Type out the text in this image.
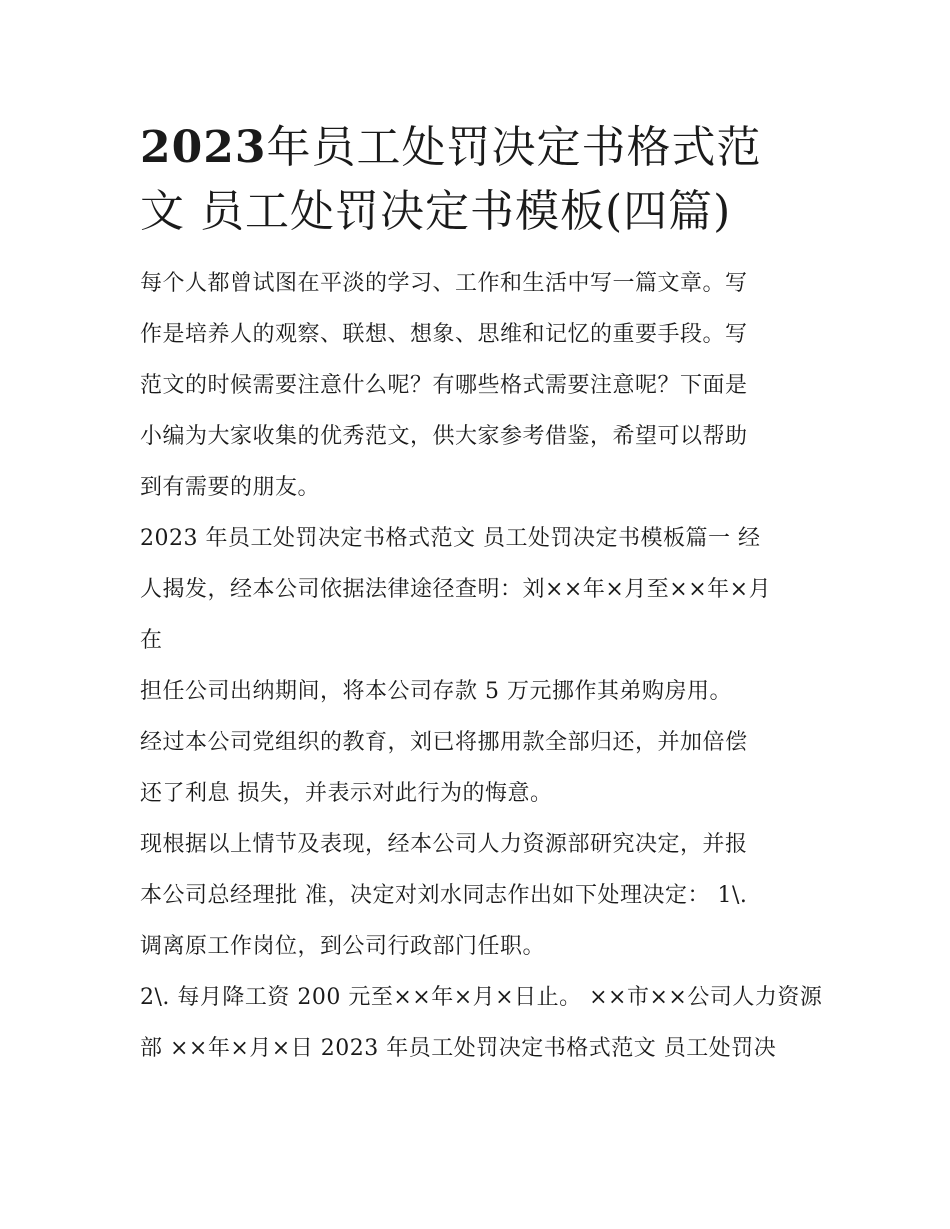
2023年员工处罚决定书格式范
文 员工处罚决定书模板(四篇)
每个人都曾试图在平淡的学习、工作和生活中写一篇文章。写
作是培养人的观察、联想、想象、思维和记忆的重要手段。写
范文的时候需要注意什么呢？有哪些格式需要注意呢？下面是
小编为大家收集的优秀范文，供大家参考借鉴，希望可以帮助
到有需要的朋友。
2023 年员工处罚决定书格式范文 员工处罚决定书模板篇一 经
人揭发，经本公司依据法律途径查明：刘××年×月至××年×月
在
担任公司出纳期间，将本公司存款 5 万元挪作其弟购房用。
经过本公司党组织的教育，刘已将挪用款全部归还，并加倍偿
还了利息 损失，并表示对此行为的悔意。
现根据以上情节及表现，经本公司人力资源部研究决定，并报
本公司总经理批 准，决定对刘水同志作出如下处理决定： 1\.
调离原工作岗位，到公司行政部门任职。
2\. 每月降工资 200 元至××年×月×日止。 ××市××公司人力资源
部 ××年×月×日 2023 年员工处罚决定书格式范文 员工处罚决
